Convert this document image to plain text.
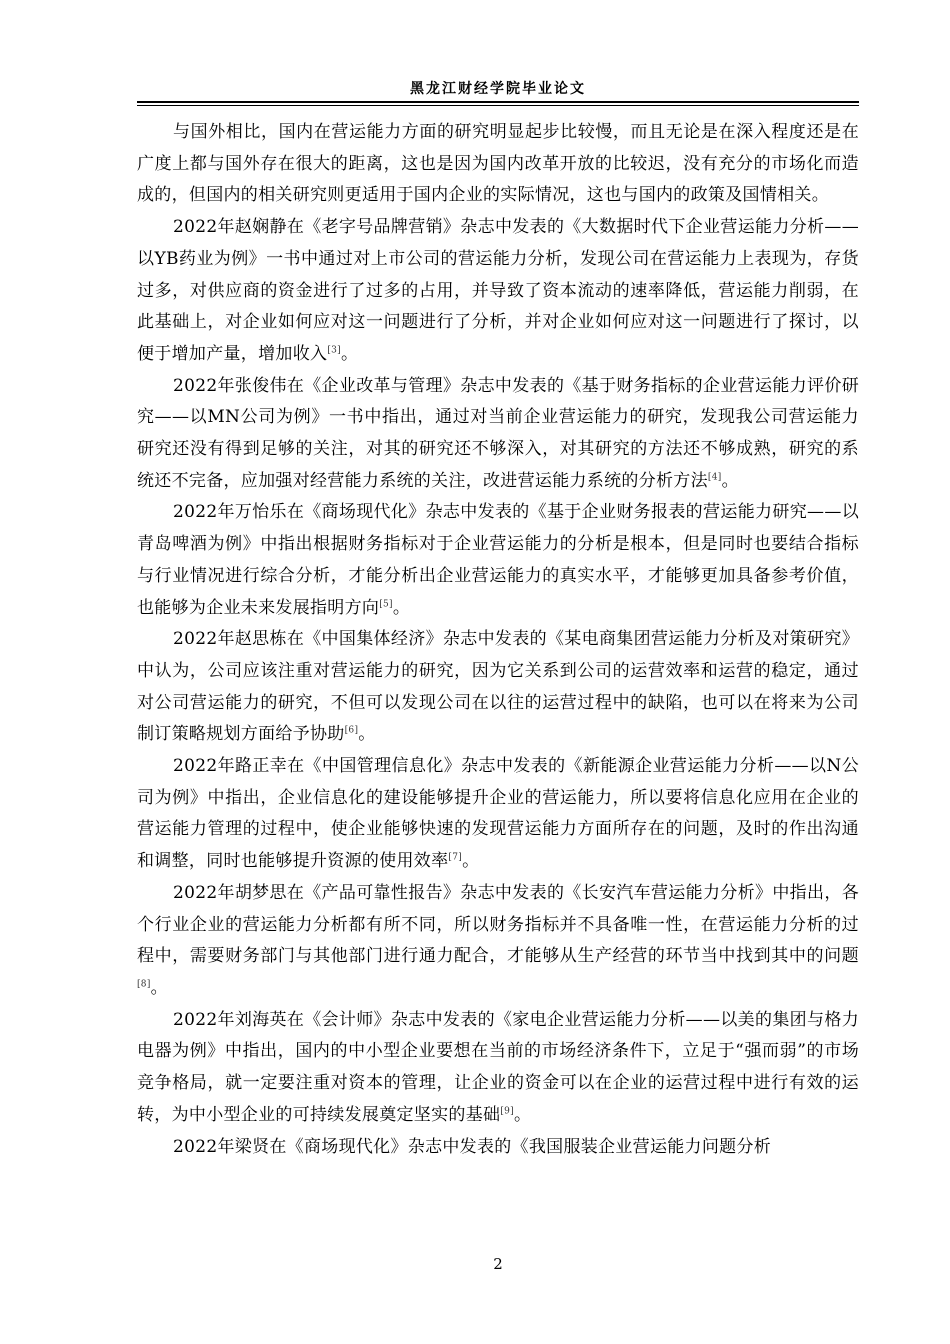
黑龙江财经学院毕业论文

与国外相比，国内在营运能力方面的研究明显起步比较慢，而且无论是在深入程度还是在广度上都与国外存在很大的距离，这也是因为国内改革开放的比较迟，没有充分的市场化而造成的，但国内的相关研究则更适用于国内企业的实际情况，这也与国内的政策及国情相关。

2022年赵娴静在《老字号品牌营销》杂志中发表的《大数据时代下企业营运能力分析——以YB药业为例》一书中通过对上市公司的营运能力分析，发现公司在营运能力上表现为，存货过多，对供应商的资金进行了过多的占用，并导致了资本流动的速率降低，营运能力削弱，在此基础上，对企业如何应对这一问题进行了分析，并对企业如何应对这一问题进行了探讨，以便于增加产量，增加收入[3]。

2022年张俊伟在《企业改革与管理》杂志中发表的《基于财务指标的企业营运能力评价研究——以MN公司为例》一书中指出，通过对当前企业营运能力的研究，发现我公司营运能力研究还没有得到足够的关注，对其的研究还不够深入，对其研究的方法还不够成熟，研究的系统还不完备，应加强对经营能力系统的关注，改进营运能力系统的分析方法[4]。

2022年万怡乐在《商场现代化》杂志中发表的《基于企业财务报表的营运能力研究——以青岛啤酒为例》中指出根据财务指标对于企业营运能力的分析是根本，但是同时也要结合指标与行业情况进行综合分析，才能分析出企业营运能力的真实水平，才能够更加具备参考价值，也能够为企业未来发展指明方向[5]。

2022年赵思栋在《中国集体经济》杂志中发表的《某电商集团营运能力分析及对策研究》中认为，公司应该注重对营运能力的研究，因为它关系到公司的运营效率和运营的稳定，通过对公司营运能力的研究，不但可以发现公司在以往的运营过程中的缺陷，也可以在将来为公司制订策略规划方面给予协助[6]。

2022年路正幸在《中国管理信息化》杂志中发表的《新能源企业营运能力分析——以N公司为例》中指出，企业信息化的建设能够提升企业的营运能力，所以要将信息化应用在企业的营运能力管理的过程中，使企业能够快速的发现营运能力方面所存在的问题，及时的作出沟通和调整，同时也能够提升资源的使用效率[7]。

2022年胡梦思在《产品可靠性报告》杂志中发表的《长安汽车营运能力分析》中指出，各个行业企业的营运能力分析都有所不同，所以财务指标并不具备唯一性，在营运能力分析的过程中，需要财务部门与其他部门进行通力配合，才能够从生产经营的环节当中找到其中的问题[8]。

2022年刘海英在《会计师》杂志中发表的《家电企业营运能力分析——以美的集团与格力电器为例》中指出，国内的中小型企业要想在当前的市场经济条件下，立足于“强而弱”的市场竞争格局，就一定要注重对资本的管理，让企业的资金可以在企业的运营过程中进行有效的运转，为中小型企业的可持续发展奠定坚实的基础[9]。

2022年梁贤在《商场现代化》杂志中发表的《我国服装企业营运能力问题分析

2
